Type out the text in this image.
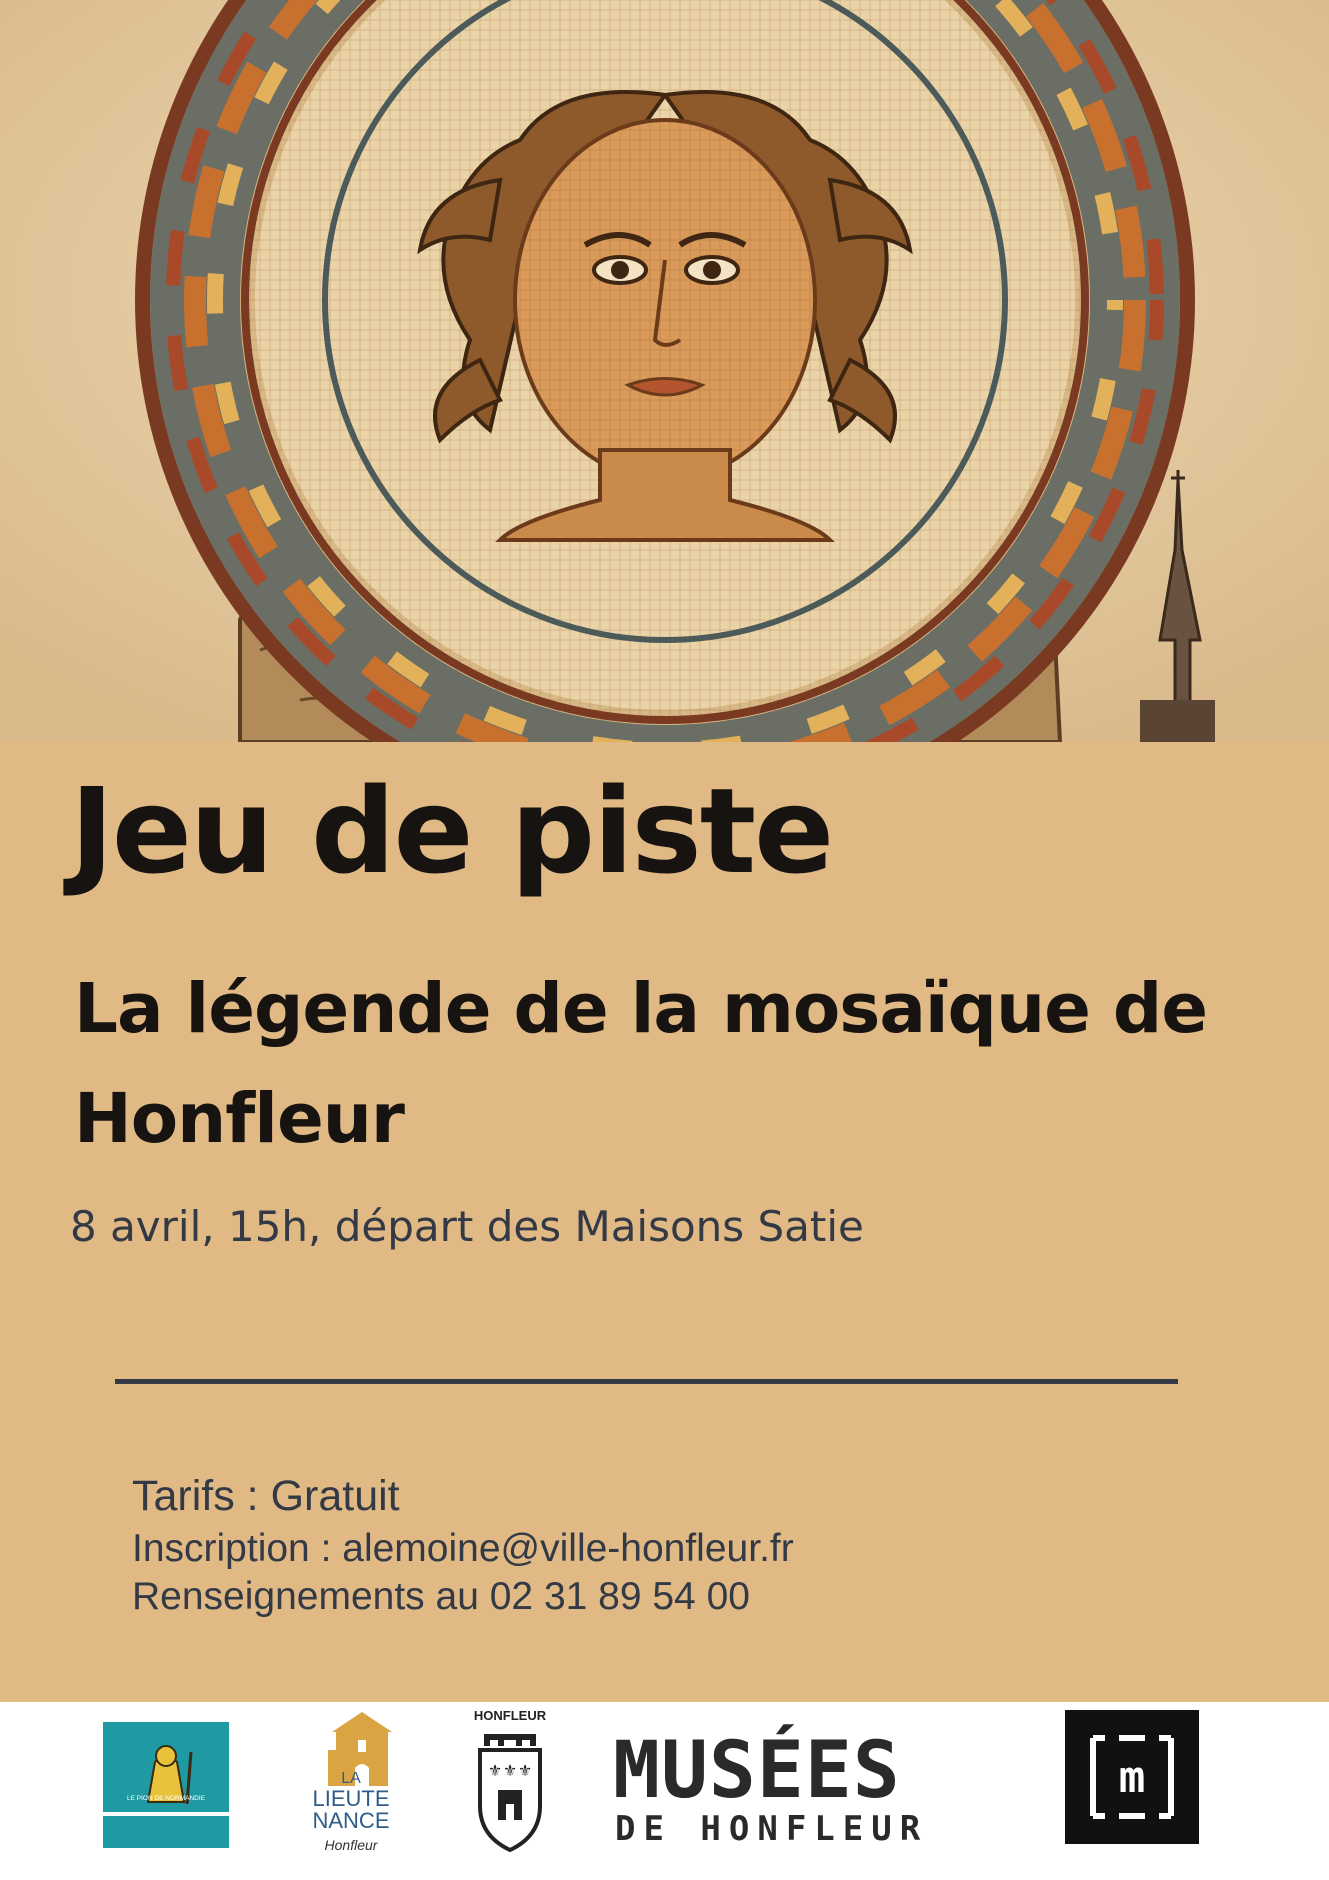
Jeu de piste
La légende de la mosaïque de Honfleur
8 avril, 15h, départ des Maisons Satie
Tarifs : Gratuit
Inscription : alemoine@ville-honfleur.fr
Renseignements au 02 31 89 54 00
LE PION DE NORMANDIE
LA
LIEUTE
NANCE
Honfleur
HONFLEUR
⚜ ⚜ ⚜ MUSÉES
DE HONFLEUR
m
